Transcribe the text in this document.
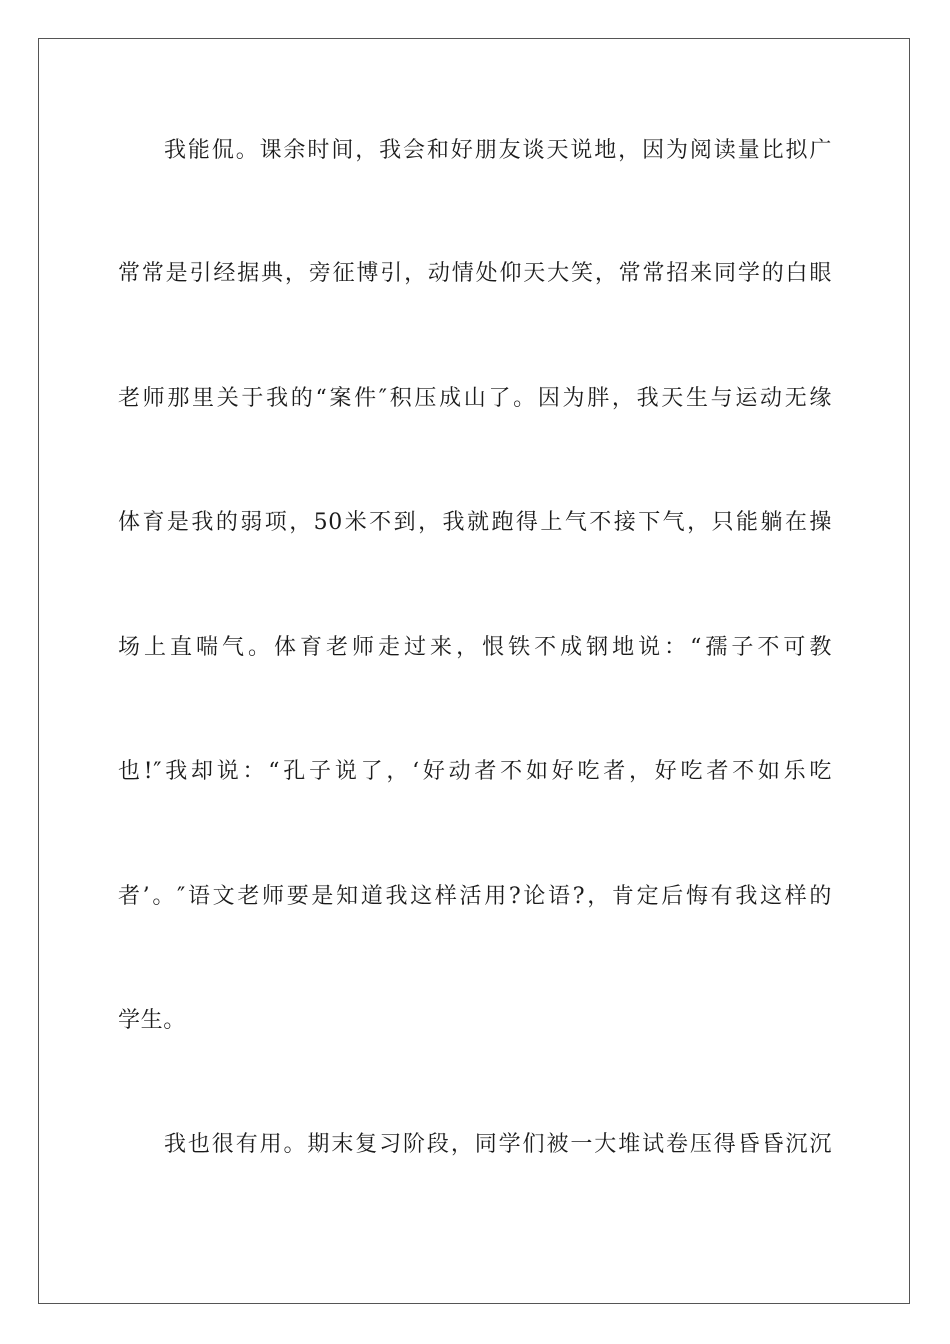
我能侃。课余时间，我会和好朋友谈天说地，因为阅读量比拟广
常常是引经据典，旁征博引，动情处仰天大笑，常常招来同学的白眼
老师那里关于我的“案件″积压成山了。因为胖，我天生与运动无缘
体育是我的弱项，50米不到，我就跑得上气不接下气，只能躺在操
场上直喘气。体育老师走过来，恨铁不成钢地说：“孺子不可教
也!″我却说：“孔子说了，‘好动者不如好吃者，好吃者不如乐吃
者’。″语文老师要是知道我这样活用?论语?，肯定后悔有我这样的
学生。
我也很有用。期末复习阶段，同学们被一大堆试卷压得昏昏沉沉
